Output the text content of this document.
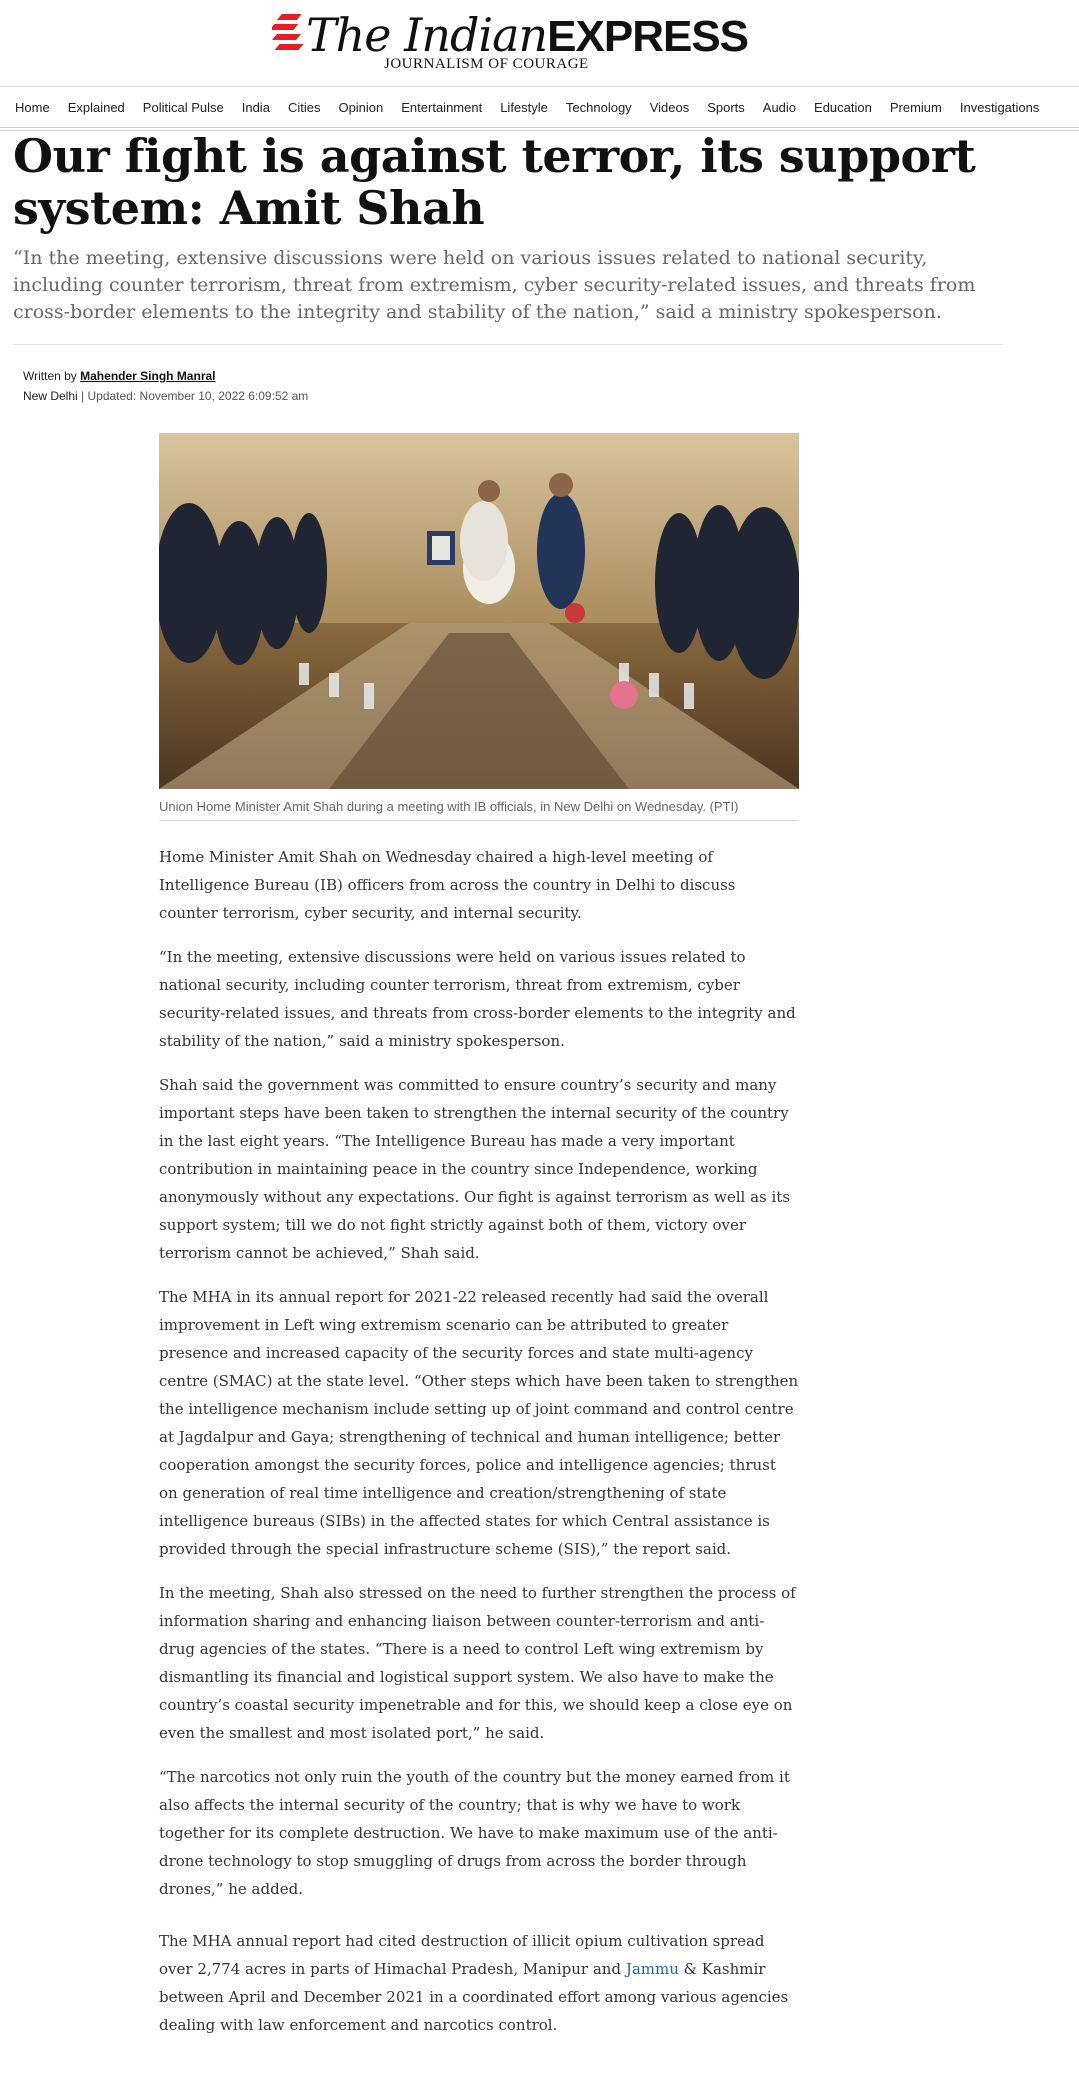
The IndianEXPRESS
JOURNALISM OF COURAGE
Home Explained Political Pulse India Cities Opinion Entertainment Lifestyle Technology Videos Sports Audio Education Premium Investigations
Our fight is against terror, its support system: Amit Shah

“In the meeting, extensive discussions were held on various issues related to national security, including counter terrorism, threat from extremism, cyber security-related issues, and threats from cross-border elements to the integrity and stability of the nation,” said a ministry spokesperson.

Written by Mahender Singh Manral
New Delhi | Updated: November 10, 2022 6:09:52 am
Union Home Minister Amit Shah during a meeting with IB officials, in New Delhi on Wednesday. (PTI)

Home Minister Amit Shah on Wednesday chaired a high-level meeting of Intelligence Bureau (IB) officers from across the country in Delhi to discuss counter terrorism, cyber security, and internal security.

“In the meeting, extensive discussions were held on various issues related to national security, including counter terrorism, threat from extremism, cyber security-related issues, and threats from cross-border elements to the integrity and stability of the nation,” said a ministry spokesperson.

Shah said the government was committed to ensure country’s security and many important steps have been taken to strengthen the internal security of the country in the last eight years. “The Intelligence Bureau has made a very important contribution in maintaining peace in the country since Independence, working anonymously without any expectations. Our fight is against terrorism as well as its support system; till we do not fight strictly against both of them, victory over terrorism cannot be achieved,” Shah said.

The MHA in its annual report for 2021-22 released recently had said the overall improvement in Left wing extremism scenario can be attributed to greater presence and increased capacity of the security forces and state multi-agency centre (SMAC) at the state level. “Other steps which have been taken to strengthen the intelligence mechanism include setting up of joint command and control centre at Jagdalpur and Gaya; strengthening of technical and human intelligence; better cooperation amongst the security forces, police and intelligence agencies; thrust on generation of real time intelligence and creation/strengthening of state intelligence bureaus (SIBs) in the affected states for which Central assistance is provided through the special infrastructure scheme (SIS),” the report said.

In the meeting, Shah also stressed on the need to further strengthen the process of information sharing and enhancing liaison between counter-terrorism and anti-drug agencies of the states. “There is a need to control Left wing extremism by dismantling its financial and logistical support system. We also have to make the country’s coastal security impenetrable and for this, we should keep a close eye on even the smallest and most isolated port,” he said.

“The narcotics not only ruin the youth of the country but the money earned from it also affects the internal security of the country; that is why we have to work together for its complete destruction. We have to make maximum use of the anti-drone technology to stop smuggling of drugs from across the border through drones,” he added.

The MHA annual report had cited destruction of illicit opium cultivation spread over 2,774 acres in parts of Himachal Pradesh, Manipur and Jammu & Kashmir between April and December 2021 in a coordinated effort among various agencies dealing with law enforcement and narcotics control.
